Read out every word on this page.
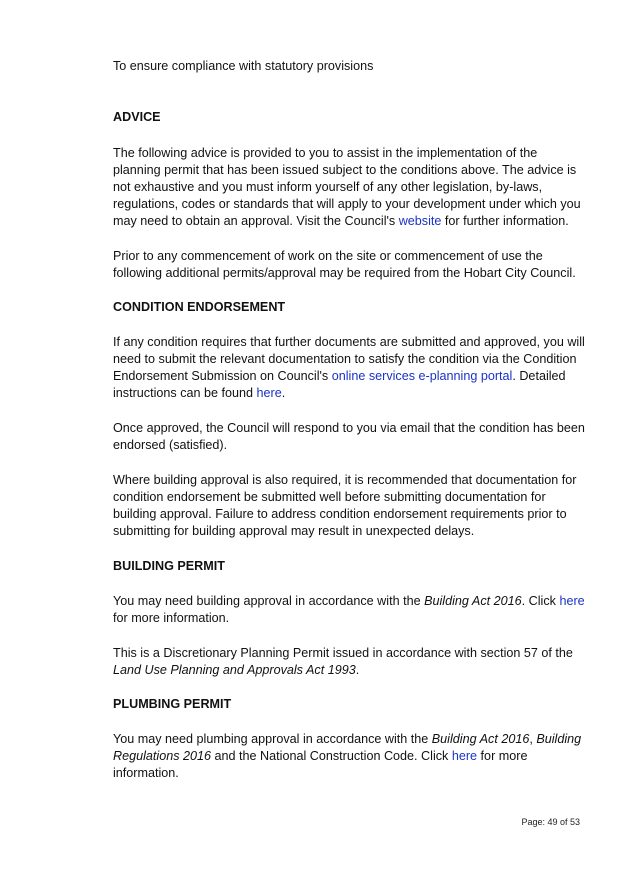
To ensure compliance with statutory provisions

ADVICE

The following advice is provided to you to assist in the implementation of the planning permit that has been issued subject to the conditions above. The advice is not exhaustive and you must inform yourself of any other legislation, by-laws, regulations, codes or standards that will apply to your development under which you may need to obtain an approval. Visit the Council's website for further information.

Prior to any commencement of work on the site or commencement of use the following additional permits/approval may be required from the Hobart City Council.

CONDITION ENDORSEMENT

If any condition requires that further documents are submitted and approved, you will need to submit the relevant documentation to satisfy the condition via the Condition Endorsement Submission on Council's online services e-planning portal. Detailed instructions can be found here.

Once approved, the Council will respond to you via email that the condition has been endorsed (satisfied).

Where building approval is also required, it is recommended that documentation for condition endorsement be submitted well before submitting documentation for building approval. Failure to address condition endorsement requirements prior to submitting for building approval may result in unexpected delays.

BUILDING PERMIT

You may need building approval in accordance with the Building Act 2016. Click here for more information.

This is a Discretionary Planning Permit issued in accordance with section 57 of the Land Use Planning and Approvals Act 1993.

PLUMBING PERMIT

You may need plumbing approval in accordance with the Building Act 2016, Building Regulations 2016 and the National Construction Code. Click here for more information.

Page: 49 of 53
